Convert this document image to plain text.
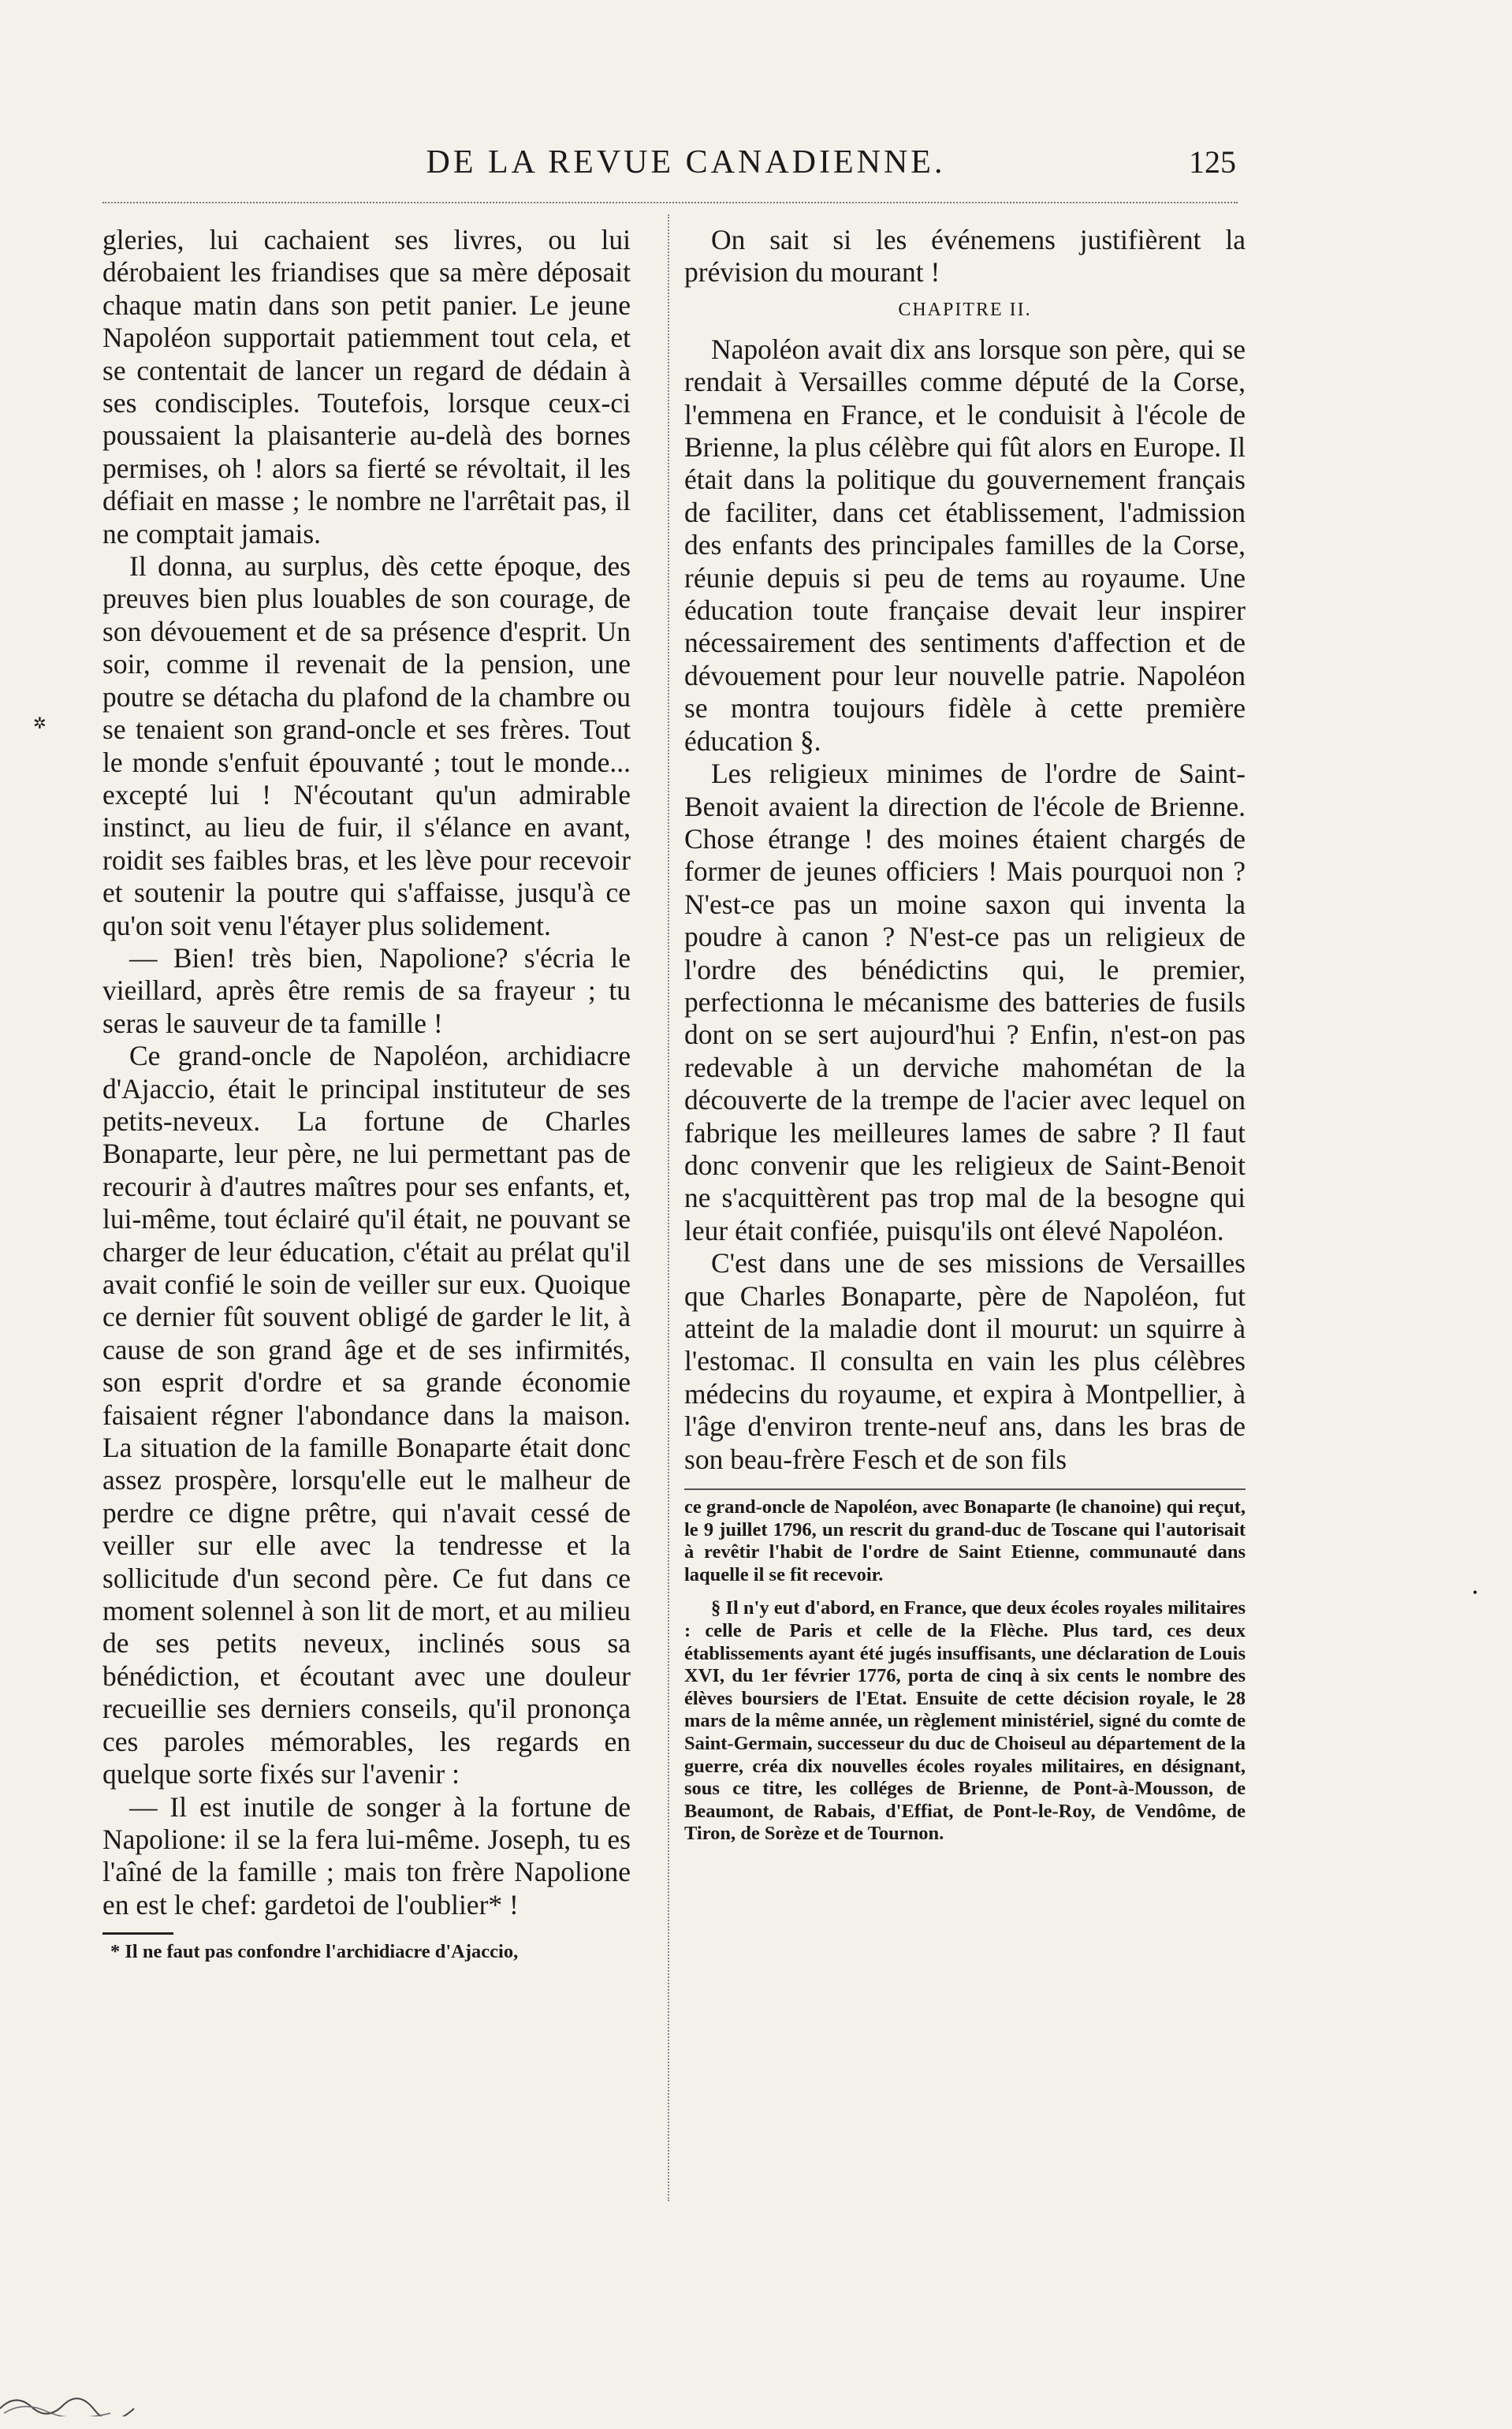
DE LA REVUE CANADIENNE.	125
✲
•

gleries, lui cachaient ses livres, ou lui dérobaient les friandises que sa mère déposait chaque matin dans son petit panier. Le jeune Napoléon supportait patiemment tout cela, et se contentait de lancer un regard de dédain à ses condisciples. Toutefois, lorsque ceux-ci poussaient la plaisanterie au-delà des bornes permises, oh ! alors sa fierté se révoltait, il les défiait en masse ; le nombre ne l'arrêtait pas, il ne comptait jamais.

Il donna, au surplus, dès cette époque, des preuves bien plus louables de son courage, de son dévouement et de sa présence d'esprit. Un soir, comme il revenait de la pension, une poutre se détacha du plafond de la chambre ou se tenaient son grand-oncle et ses frères. Tout le monde s'enfuit épouvanté ; tout le monde... excepté lui ! N'écoutant qu'un admirable instinct, au lieu de fuir, il s'élance en avant, roidit ses faibles bras, et les lève pour recevoir et soutenir la poutre qui s'affaisse, jusqu'à ce qu'on soit venu l'étayer plus solidement.

— Bien! très bien, Napolione? s'écria le vieillard, après être remis de sa frayeur ; tu seras le sauveur de ta famille !

Ce grand-oncle de Napoléon, archidiacre d'Ajaccio, était le principal instituteur de ses petits-neveux. La fortune de Charles Bonaparte, leur père, ne lui permettant pas de recourir à d'autres maîtres pour ses enfants, et, lui-même, tout éclairé qu'il était, ne pouvant se charger de leur éducation, c'était au prélat qu'il avait confié le soin de veiller sur eux. Quoique ce dernier fût souvent obligé de garder le lit, à cause de son grand âge et de ses infirmités, son esprit d'ordre et sa grande économie faisaient régner l'abondance dans la maison. La situation de la famille Bonaparte était donc assez prospère, lorsqu'elle eut le malheur de perdre ce digne prêtre, qui n'avait cessé de veiller sur elle avec la tendresse et la sollicitude d'un second père. Ce fut dans ce moment solennel à son lit de mort, et au milieu de ses petits neveux, inclinés sous sa bénédiction, et écoutant avec une douleur recueillie ses derniers conseils, qu'il prononça ces paroles mémorables, les regards en quelque sorte fixés sur l'avenir :

— Il est inutile de songer à la fortune de Napolione: il se la fera lui-même. Joseph, tu es l'aîné de la famille ; mais ton frère Napolione en est le chef: gardetoi de l'oublier* !

* Il ne faut pas confondre l'archidiacre d'Ajaccio,

On sait si les événemens justifièrent la prévision du mourant !

CHAPITRE II.

Napoléon avait dix ans lorsque son père, qui se rendait à Versailles comme député de la Corse, l'emmena en France, et le conduisit à l'école de Brienne, la plus célèbre qui fût alors en Europe. Il était dans la politique du gouvernement français de faciliter, dans cet établissement, l'admission des enfants des principales familles de la Corse, réunie depuis si peu de tems au royaume. Une éducation toute française devait leur inspirer nécessairement des sentiments d'affection et de dévouement pour leur nouvelle patrie. Napoléon se montra toujours fidèle à cette première éducation §.

Les religieux minimes de l'ordre de Saint-Benoit avaient la direction de l'école de Brienne. Chose étrange ! des moines étaient chargés de former de jeunes officiers ! Mais pourquoi non ? N'est-ce pas un moine saxon qui inventa la poudre à canon ? N'est-ce pas un religieux de l'ordre des bénédictins qui, le premier, perfectionna le mécanisme des batteries de fusils dont on se sert aujourd'hui ? Enfin, n'est-on pas redevable à un derviche mahométan de la découverte de la trempe de l'acier avec lequel on fabrique les meilleures lames de sabre ? Il faut donc convenir que les religieux de Saint-Benoit ne s'acquittèrent pas trop mal de la besogne qui leur était confiée, puisqu'ils ont élevé Napoléon.

C'est dans une de ses missions de Versailles que Charles Bonaparte, père de Napoléon, fut atteint de la maladie dont il mourut: un squirre à l'estomac. Il consulta en vain les plus célèbres médecins du royaume, et expira à Montpellier, à l'âge d'environ trente-neuf ans, dans les bras de son beau-frère Fesch et de son fils

ce grand-oncle de Napoléon, avec Bonaparte (le chanoine) qui reçut, le 9 juillet 1796, un rescrit du grand-duc de Toscane qui l'autorisait à revêtir l'habit de l'ordre de Saint Etienne, communauté dans laquelle il se fit recevoir.
§ Il n'y eut d'abord, en France, que deux écoles royales militaires : celle de Paris et celle de la Flèche. Plus tard, ces deux établissements ayant été jugés insuffisants, une déclaration de Louis XVI, du 1er février 1776, porta de cinq à six cents le nombre des élèves boursiers de l'Etat. Ensuite de cette décision royale, le 28 mars de la même année, un règlement ministériel, signé du comte de Saint-Germain, successeur du duc de Choiseul au département de la guerre, créa dix nouvelles écoles royales militaires, en désignant, sous ce titre, les colléges de Brienne, de Pont-à-Mousson, de Beaumont, de Rabais, d'Effiat, de Pont-le-Roy, de Vendôme, de Tiron, de Sorèze et de Tournon.
